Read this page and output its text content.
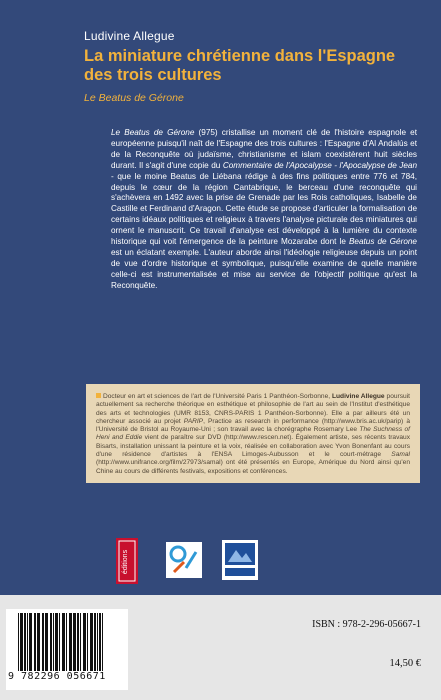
Ludivine Allegue
La miniature chrétienne dans l'Espagne des trois cultures
Le Beatus de Gérone
Le Beatus de Gérone (975) cristallise un moment clé de l'histoire espagnole et européenne puisqu'il naît de l'Espagne des trois cultures : l'Espagne d'Al Andalús et de la Reconquête où judaïsme, christianisme et islam coexistèrent huit siècles durant. Il s'agit d'une copie du Commentaire de l'Apocalypse - l'Apocalypse de Jean - que le moine Beatus de Liébana rédige à des fins politiques entre 776 et 784, depuis le cœur de la région Cantabrique, le berceau d'une reconquête qui s'achèvera en 1492 avec la prise de Grenade par les Rois catholiques, Isabelle de Castille et Ferdinand d'Aragon. Cette étude se propose d'articuler la formalisation de certains idéaux politiques et religieux à travers l'analyse picturale des miniatures qui ornent le manuscrit. Ce travail d'analyse est développé à la lumière du contexte historique qui voit l'émergence de la peinture Mozarabe dont le Beatus de Gérone est un éclatant exemple. L'auteur aborde ainsi l'idéologie religieuse depuis un point de vue d'ordre historique et symbolique, puisqu'elle examine de quelle manière celle-ci est instrumentalisée et mise au service de l'objectif politique qu'est la Reconquête.
Docteur en art et sciences de l'art de l'Université Paris 1 Panthéon-Sorbonne, Ludivine Allegue poursuit actuellement sa recherche théorique en esthétique et philosophie de l'art au sein de l'Institut d'esthétique des arts et technologies (UMR 8153, CNRS-PARIS 1 Panthéon-Sorbonne). Elle a par ailleurs été un chercheur associé au projet PARIP, Practice as research in performance (http://www.bris.ac.uk/parip) à l'Université de Bristol au Royaume-Uni ; son travail avec la chorégraphe Rosemary Lee The Suchness of Heni and Eddie vient de paraître sur DVD (http://www.rescen.net). Également artiste, ses récents travaux Bisarts, installation unissant la peinture et la voix, réalisée en collaboration avec Yvon Bonenfant au cours d'une résidence d'artistes à l'ENSA Limoges-Aubusson et le court-métrage Samal (http://www.unifrance.org/film/27973/samal) ont été présentés en Europe, Amérique du Nord ainsi qu'en Chine au cours de différents festivals, expositions et conférences.
éditions
9 782296 056671
ISBN : 978-2-296-05667-1
14,50 €
